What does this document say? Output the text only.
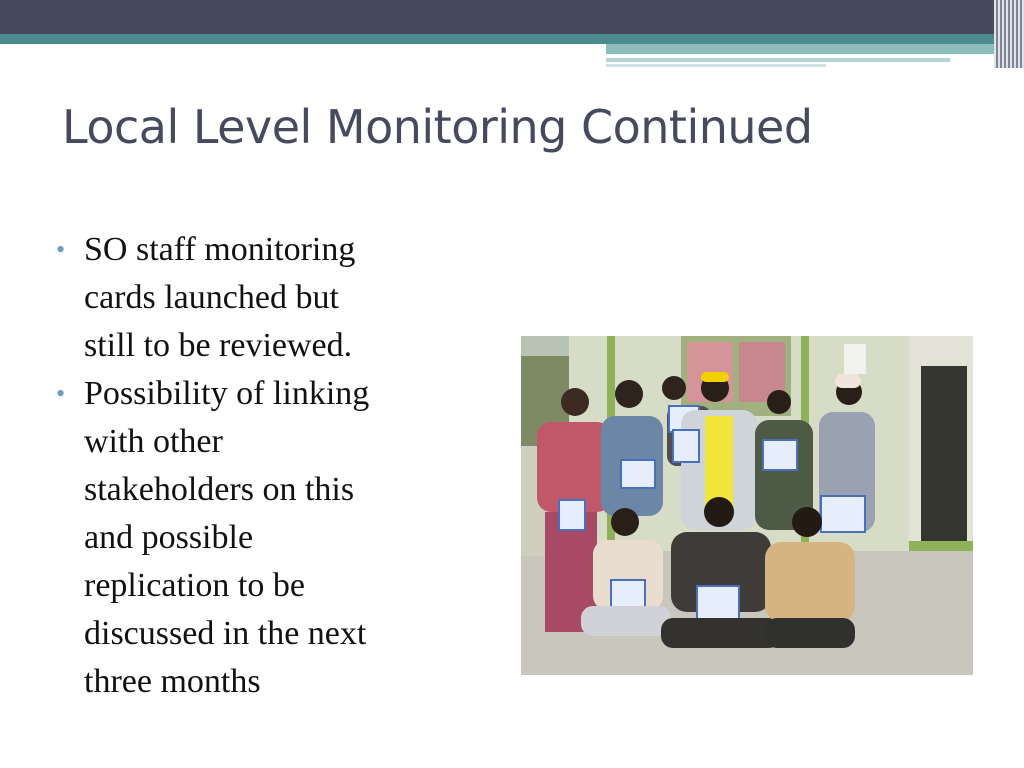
Local Level Monitoring Continued
• SO staff monitoring
cards launched but
still to be reviewed.
• Possibility of linking
with other
stakeholders on this
and possible
replication to be
discussed in the next
three months
